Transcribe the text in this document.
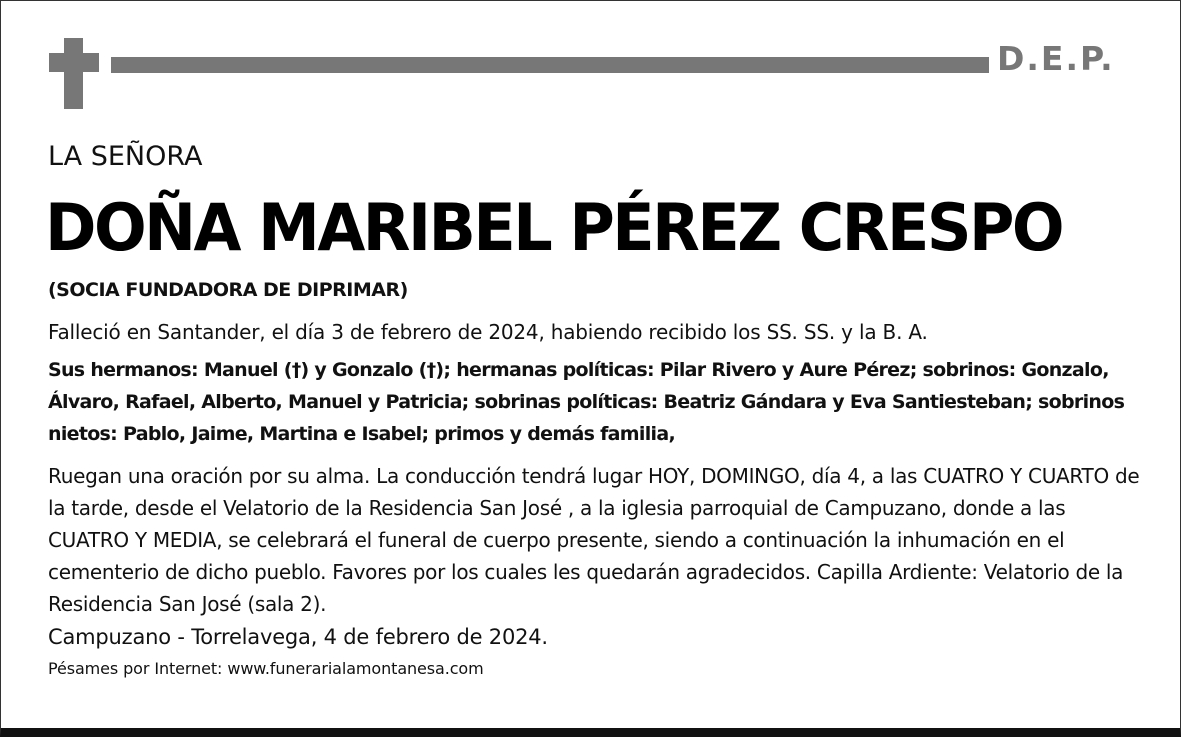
D.E.P.
LA SEÑORA
DOÑA MARIBEL PÉREZ CRESPO
(SOCIA FUNDADORA DE DIPRIMAR)
Falleció en Santander, el día 3 de febrero de 2024, habiendo recibido los SS. SS. y la B. A.
Sus hermanos: Manuel (†) y Gonzalo (†); hermanas políticas: Pilar Rivero y Aure Pérez; sobrinos: Gonzalo, Álvaro, Rafael, Alberto, Manuel y Patricia; sobrinas políticas: Beatriz Gándara y Eva Santiesteban; sobrinos nietos: Pablo, Jaime, Martina e Isabel; primos y demás familia,
Ruegan una oración por su alma. La conducción tendrá lugar HOY, DOMINGO, día 4, a las CUATRO Y CUARTO de la tarde, desde el Velatorio de la Residencia San José , a la iglesia parroquial de Campuzano, donde a las CUATRO Y MEDIA, se celebrará el funeral de cuerpo presente, siendo a continuación la inhumación en el cementerio de dicho pueblo. Favores por los cuales les quedarán agradecidos. Capilla Ardiente: Velatorio de la Residencia San José (sala 2).
Campuzano - Torrelavega, 4 de febrero de 2024.
Pésames por Internet: www.funerarialamontanesa.com
